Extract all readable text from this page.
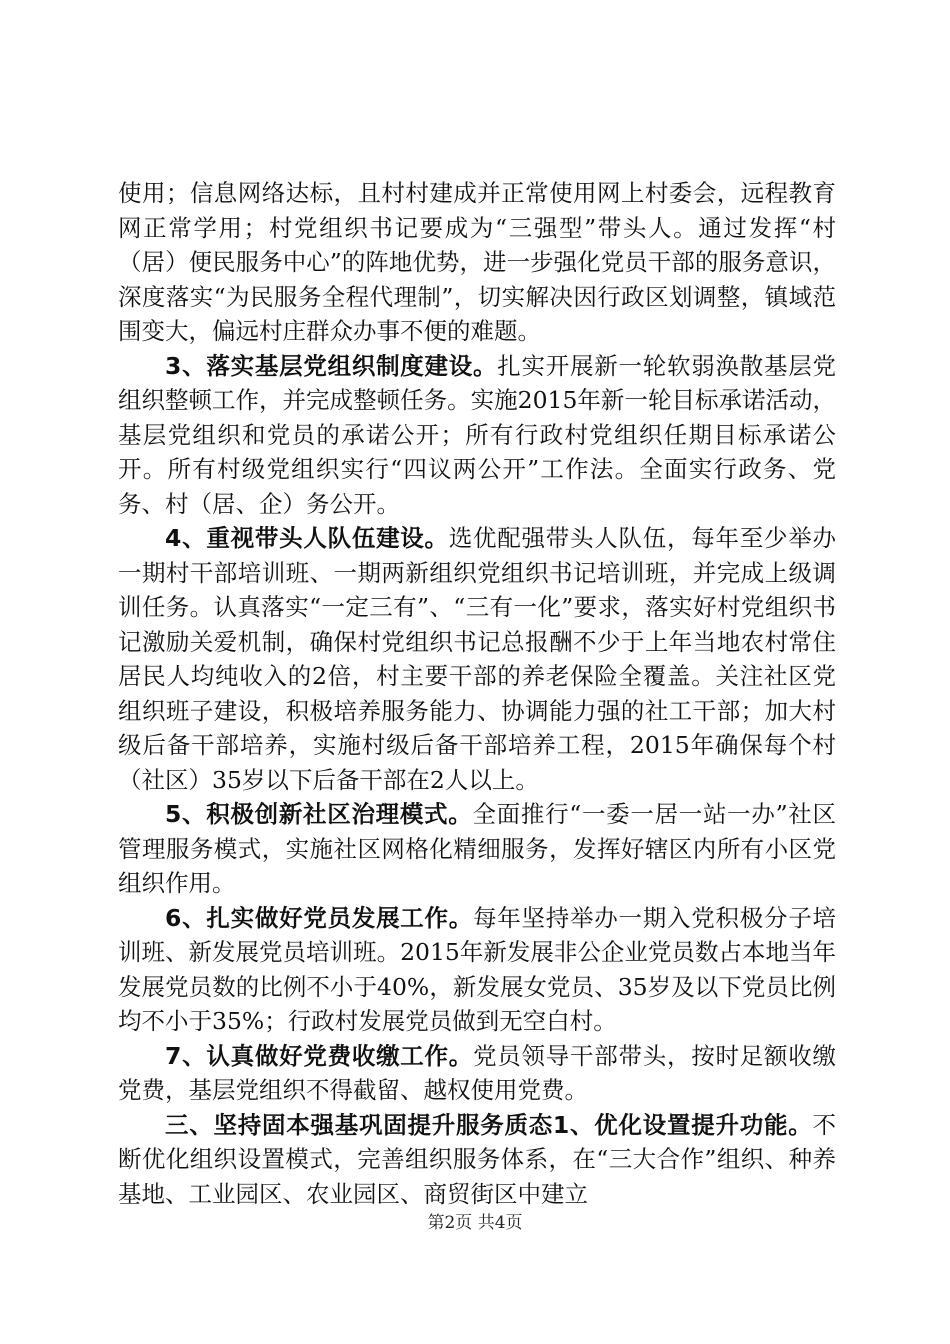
使用；信息网络达标，且村村建成并正常使用网上村委会，远程教育网正常学用；村党组织书记要成为“三强型”带头人。通过发挥“村（居）便民服务中心”的阵地优势，进一步强化党员干部的服务意识，深度落实“为民服务全程代理制”，切实解决因行政区划调整，镇域范围变大，偏远村庄群众办事不便的难题。

3、落实基层党组织制度建设。扎实开展新一轮软弱涣散基层党组织整顿工作，并完成整顿任务。实施2015年新一轮目标承诺活动，基层党组织和党员的承诺公开；所有行政村党组织任期目标承诺公开。所有村级党组织实行“四议两公开”工作法。全面实行政务、党务、村（居、企）务公开。

4、重视带头人队伍建设。选优配强带头人队伍，每年至少举办一期村干部培训班、一期两新组织党组织书记培训班，并完成上级调训任务。认真落实“一定三有”、“三有一化”要求，落实好村党组织书记激励关爱机制，确保村党组织书记总报酬不少于上年当地农村常住居民人均纯收入的2倍，村主要干部的养老保险全覆盖。关注社区党组织班子建设，积极培养服务能力、协调能力强的社工干部；加大村级后备干部培养，实施村级后备干部培养工程，2015年确保每个村（社区）35岁以下后备干部在2人以上。

5、积极创新社区治理模式。全面推行“一委一居一站一办”社区管理服务模式，实施社区网格化精细服务，发挥好辖区内所有小区党组织作用。

6、扎实做好党员发展工作。每年坚持举办一期入党积极分子培训班、新发展党员培训班。2015年新发展非公企业党员数占本地当年发展党员数的比例不小于40%，新发展女党员、35岁及以下党员比例均不小于35%；行政村发展党员做到无空白村。

7、认真做好党费收缴工作。党员领导干部带头，按时足额收缴党费，基层党组织不得截留、越权使用党费。

三、坚持固本强基巩固提升服务质态1、优化设置提升功能。不断优化组织设置模式，完善组织服务体系，在“三大合作”组织、种养基地、工业园区、农业园区、商贸街区中建立

第2页 共4页
